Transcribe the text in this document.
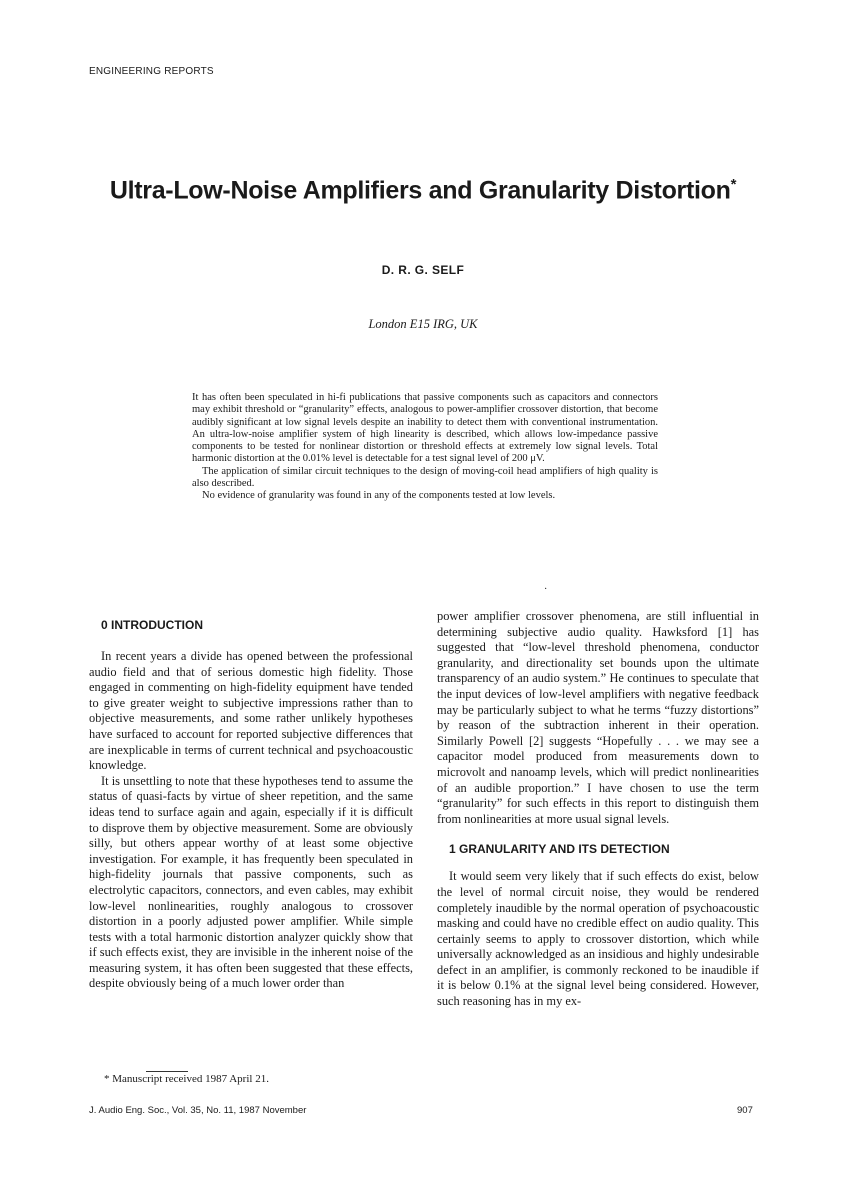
ENGINEERING REPORTS
Ultra-Low-Noise Amplifiers and Granularity Distortion*
D. R. G. SELF
London E15 IRG, UK

It has often been speculated in hi-fi publications that passive components such as capacitors and connectors may exhibit threshold or “granularity” effects, analogous to power-amplifier crossover distortion, that become audibly significant at low signal levels despite an inability to detect them with conventional instrumentation. An ultra-low-noise amplifier system of high linearity is described, which allows low-impedance passive components to be tested for nonlinear distortion or threshold effects at extremely low signal levels. Total harmonic distortion at the 0.01% level is detectable for a test signal level of 200 μV.

The application of similar circuit techniques to the design of moving-coil head amplifiers of high quality is also described.

No evidence of granularity was found in any of the components tested at low levels.

·

0 INTRODUCTION

In recent years a divide has opened between the professional audio field and that of serious domestic high fidelity. Those engaged in commenting on high-fidelity equipment have tended to give greater weight to subjective impressions rather than to objective measurements, and some rather unlikely hypotheses have surfaced to account for reported subjective differences that are inexplicable in terms of current technical and psychoacoustic knowledge.

It is unsettling to note that these hypotheses tend to assume the status of quasi-facts by virtue of sheer repetition, and the same ideas tend to surface again and again, especially if it is difficult to disprove them by objective measurement. Some are obviously silly, but others appear worthy of at least some objective investigation. For example, it has frequently been speculated in high-fidelity journals that passive components, such as electrolytic capacitors, connectors, and even cables, may exhibit low-level nonlinearities, roughly analogous to crossover distortion in a poorly adjusted power amplifier. While simple tests with a total harmonic distortion analyzer quickly show that if such effects exist, they are invisible in the inherent noise of the measuring system, it has often been suggested that these effects, despite obviously being of a much lower order than

* Manuscript received 1987 April 21.

power amplifier crossover phenomena, are still influential in determining subjective audio quality. Hawksford [1] has suggested that “low-level threshold phenomena, conductor granularity, and directionality set bounds upon the ultimate transparency of an audio system.” He continues to speculate that the input devices of low-level amplifiers with negative feedback may be particularly subject to what he terms “fuzzy distortions” by reason of the subtraction inherent in their operation. Similarly Powell [2] suggests “Hopefully . . . we may see a capacitor model produced from measurements down to microvolt and nanoamp levels, which will predict nonlinearities of an audible proportion.” I have chosen to use the term “granularity” for such effects in this report to distinguish them from nonlinearities at more usual signal levels.

1 GRANULARITY AND ITS DETECTION

It would seem very likely that if such effects do exist, below the level of normal circuit noise, they would be rendered completely inaudible by the normal operation of psychoacoustic masking and could have no credible effect on audio quality. This certainly seems to apply to crossover distortion, which while universally acknowledged as an insidious and highly undesirable defect in an amplifier, is commonly reckoned to be inaudible if it is below 0.1% at the signal level being considered. However, such reasoning has in my ex-

J. Audio Eng. Soc., Vol. 35, No. 11, 1987 November	907
